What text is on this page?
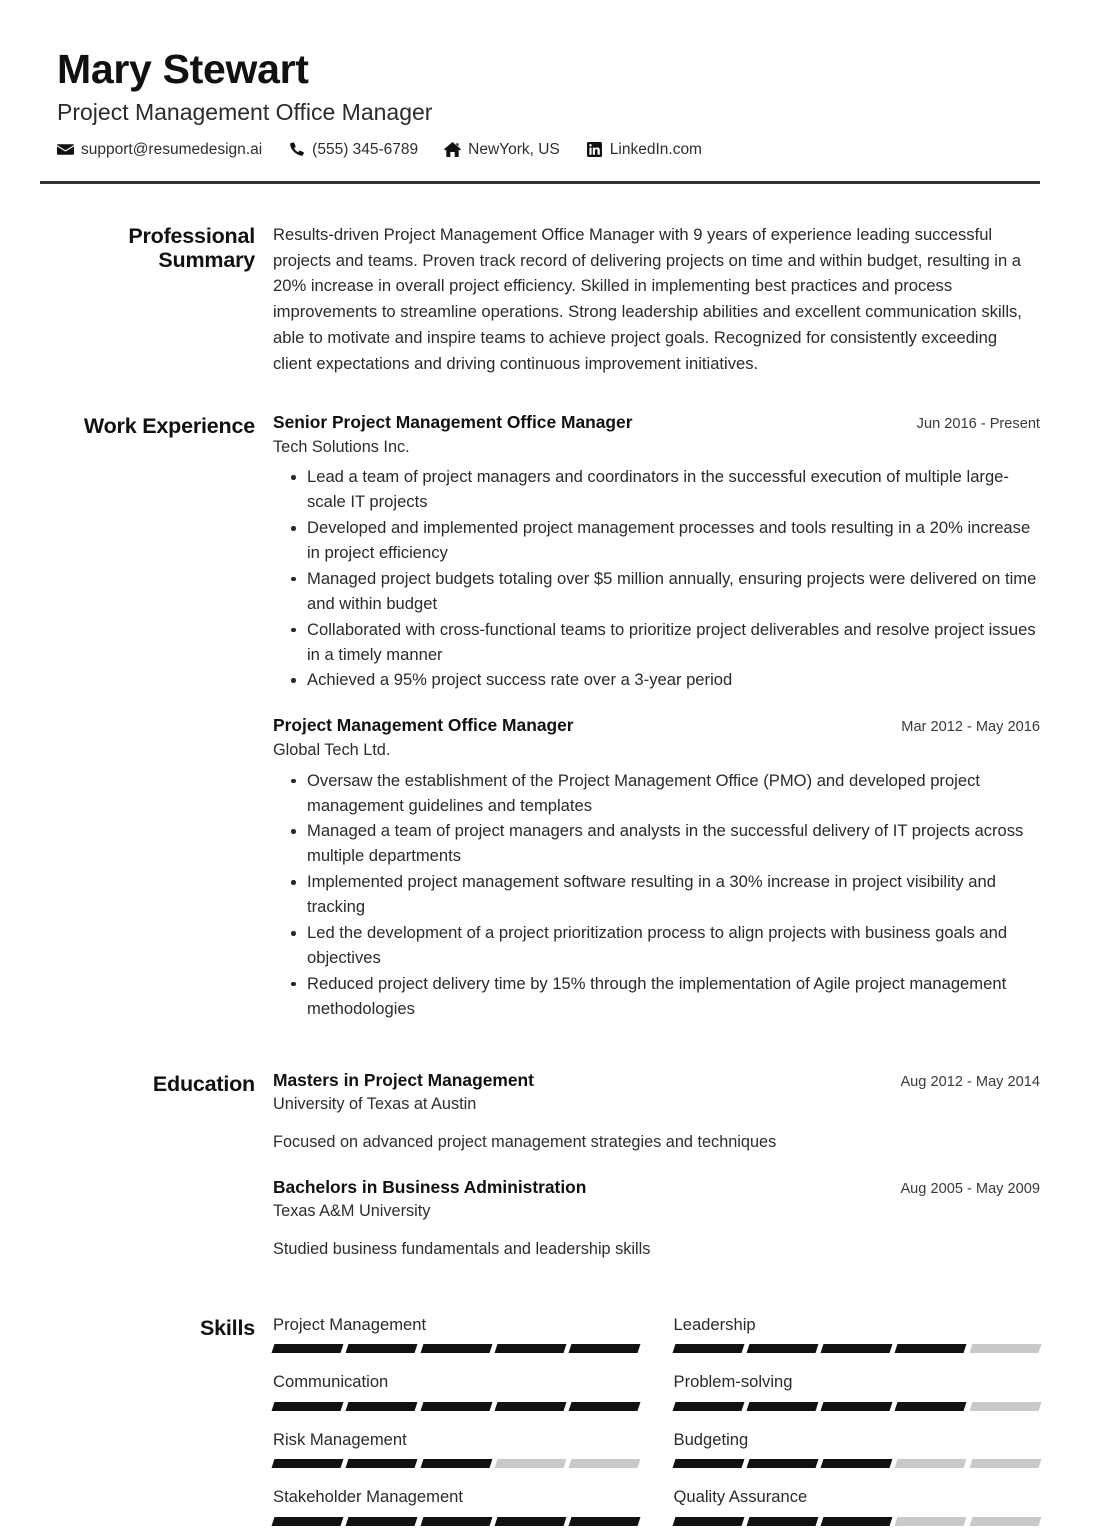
Mary Stewart
Project Management Office Manager
support@resumedesign.ai	(555) 345-6789	NewYork, US	LinkedIn.com
Professional Summary

Results-driven Project Management Office Manager with 9 years of experience leading successful projects and teams. Proven track record of delivering projects on time and within budget, resulting in a 20% increase in overall project efficiency. Skilled in implementing best practices and process improvements to streamline operations. Strong leadership abilities and excellent communication skills, able to motivate and inspire teams to achieve project goals. Recognized for consistently exceeding client expectations and driving continuous improvement initiatives.

Work Experience Senior Project Management Office Manager	Jun 2016 - Present
Tech Solutions Inc.
Lead a team of project managers and coordinators in the successful execution of multiple large-scale IT projects
Developed and implemented project management processes and tools resulting in a 20% increase in project efficiency
Managed project budgets totaling over $5 million annually, ensuring projects were delivered on time and within budget
Collaborated with cross-functional teams to prioritize project deliverables and resolve project issues in a timely manner
Achieved a 95% project success rate over a 3-year period
Project Management Office Manager	Mar 2012 - May 2016
Global Tech Ltd.
Oversaw the establishment of the Project Management Office (PMO) and developed project management guidelines and templates
Managed a team of project managers and analysts in the successful delivery of IT projects across multiple departments
Implemented project management software resulting in a 30% increase in project visibility and tracking
Led the development of a project prioritization process to align projects with business goals and objectives
Reduced project delivery time by 15% through the implementation of Agile project management methodologies
Education Masters in Project Management	Aug 2012 - May 2014
University of Texas at Austin
Focused on advanced project management strategies and techniques
Bachelors in Business Administration	Aug 2005 - May 2009
Texas A&M University
Studied business fundamentals and leadership skills
Skills Project Management	Leadership
Communication	Problem-solving
Risk Management	Budgeting
Stakeholder Management	Quality Assurance
